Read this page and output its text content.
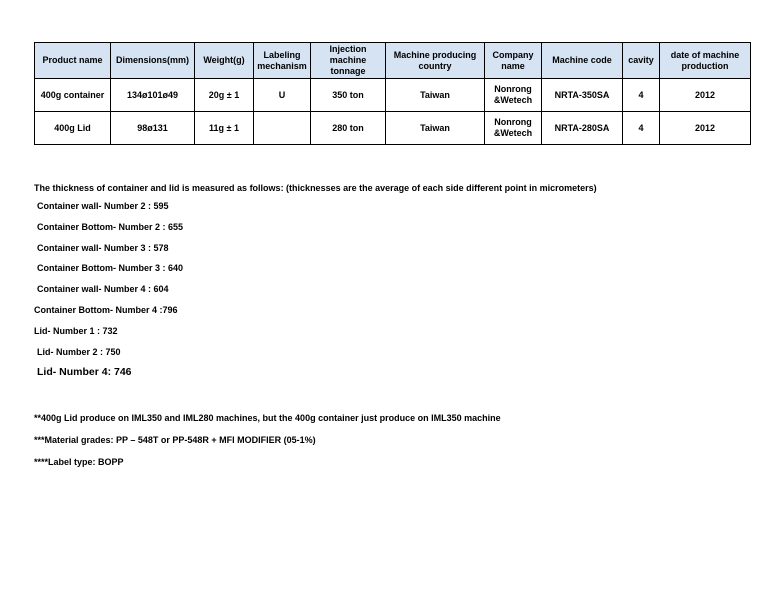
Product name	Dimensions(mm)	Weight(g)	Labeling mechanism	Injection machine tonnage	Machine producing country	Company name	Machine code	cavity	date of machine production
400g container	134ø101ø49	20g ± 1	U	350 ton	Taiwan	Nonrong &Wetech	NRTA-350SA	4	2012
400g Lid	98ø131	11g ± 1		280 ton	Taiwan	Nonrong &Wetech	NRTA-280SA	4	2012
The thickness of container and lid is measured as follows: (thicknesses are the average of each side different point in micrometers)
Container wall- Number 2 : 595
Container Bottom- Number 2 : 655
Container wall- Number 3 : 578
Container Bottom- Number 3 : 640
Container wall- Number 4 : 604
Container Bottom- Number 4 :796
Lid- Number 1 : 732
Lid- Number 2 : 750
Lid- Number 4: 746
**400g Lid produce on IML350 and IML280 machines, but the 400g container just produce on IML350 machine
***Material grades: PP – 548T or PP-548R + MFI MODIFIER (05-1%)
****Label type: BOPP
